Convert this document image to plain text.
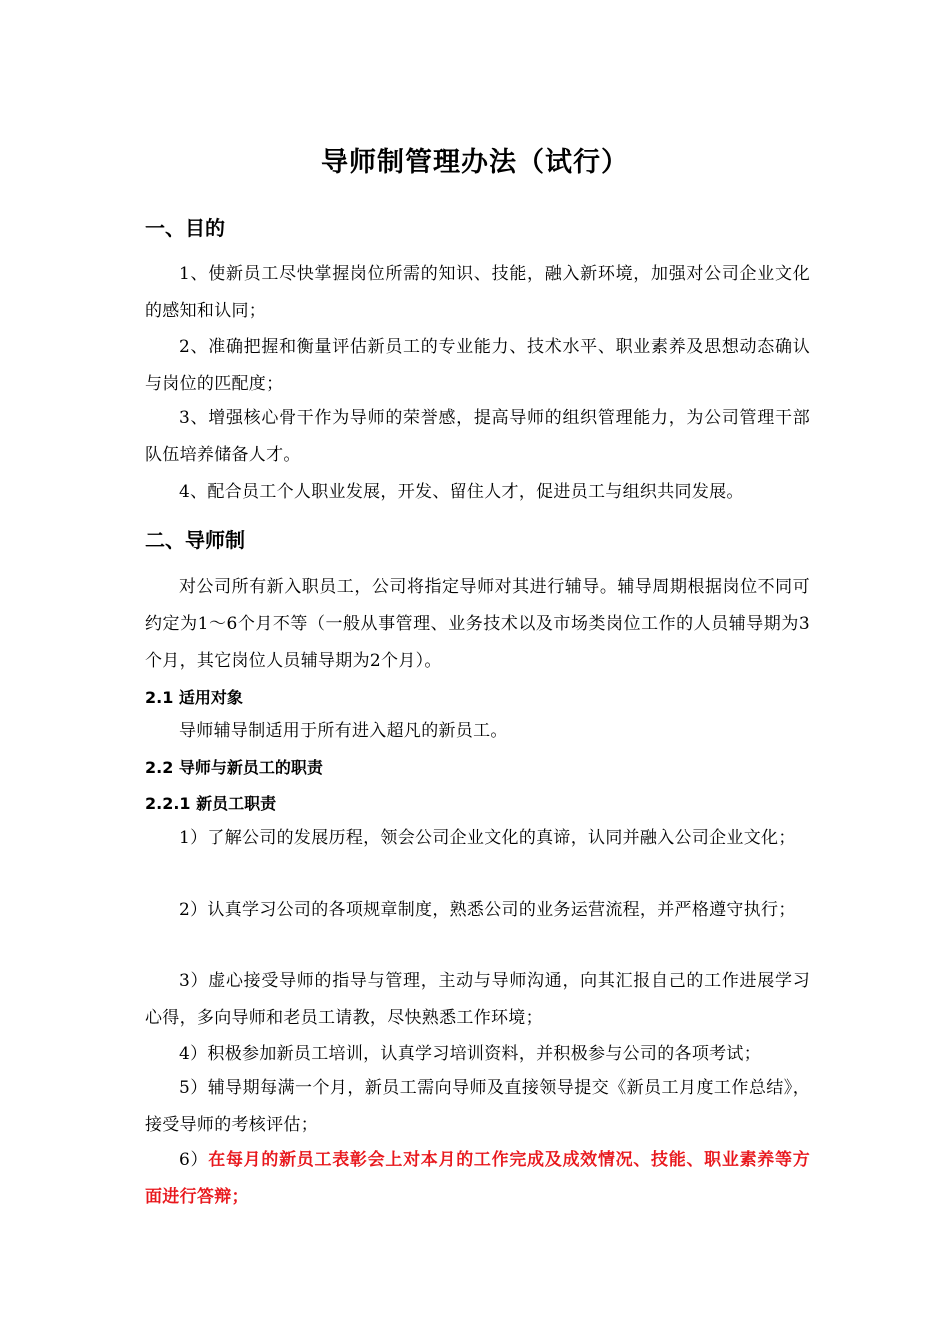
导师制管理办法（试行）
一、目的
1、使新员工尽快掌握岗位所需的知识、技能，融入新环境，加强对公司企业文化的感知和认同；
2、准确把握和衡量评估新员工的专业能力、技术水平、职业素养及思想动态确认与岗位的匹配度；
3、增强核心骨干作为导师的荣誉感，提高导师的组织管理能力，为公司管理干部队伍培养储备人才。
4、配合员工个人职业发展，开发、留住人才，促进员工与组织共同发展。
二、导师制
对公司所有新入职员工，公司将指定导师对其进行辅导。辅导周期根据岗位不同可约定为1～6个月不等（一般从事管理、业务技术以及市场类岗位工作的人员辅导期为3个月，其它岗位人员辅导期为2个月）。
2.1 适用对象
导师辅导制适用于所有进入超凡的新员工。
2.2 导师与新员工的职责
2.2.1 新员工职责
1）了解公司的发展历程，领会公司企业文化的真谛，认同并融入公司企业文化；
2）认真学习公司的各项规章制度，熟悉公司的业务运营流程，并严格遵守执行；
3）虚心接受导师的指导与管理，主动与导师沟通，向其汇报自己的工作进展学习心得，多向导师和老员工请教，尽快熟悉工作环境；
4）积极参加新员工培训，认真学习培训资料，并积极参与公司的各项考试；
5）辅导期每满一个月，新员工需向导师及直接领导提交《新员工月度工作总结》，接受导师的考核评估；
6）在每月的新员工表彰会上对本月的工作完成及成效情况、技能、职业素养等方面进行答辩；
